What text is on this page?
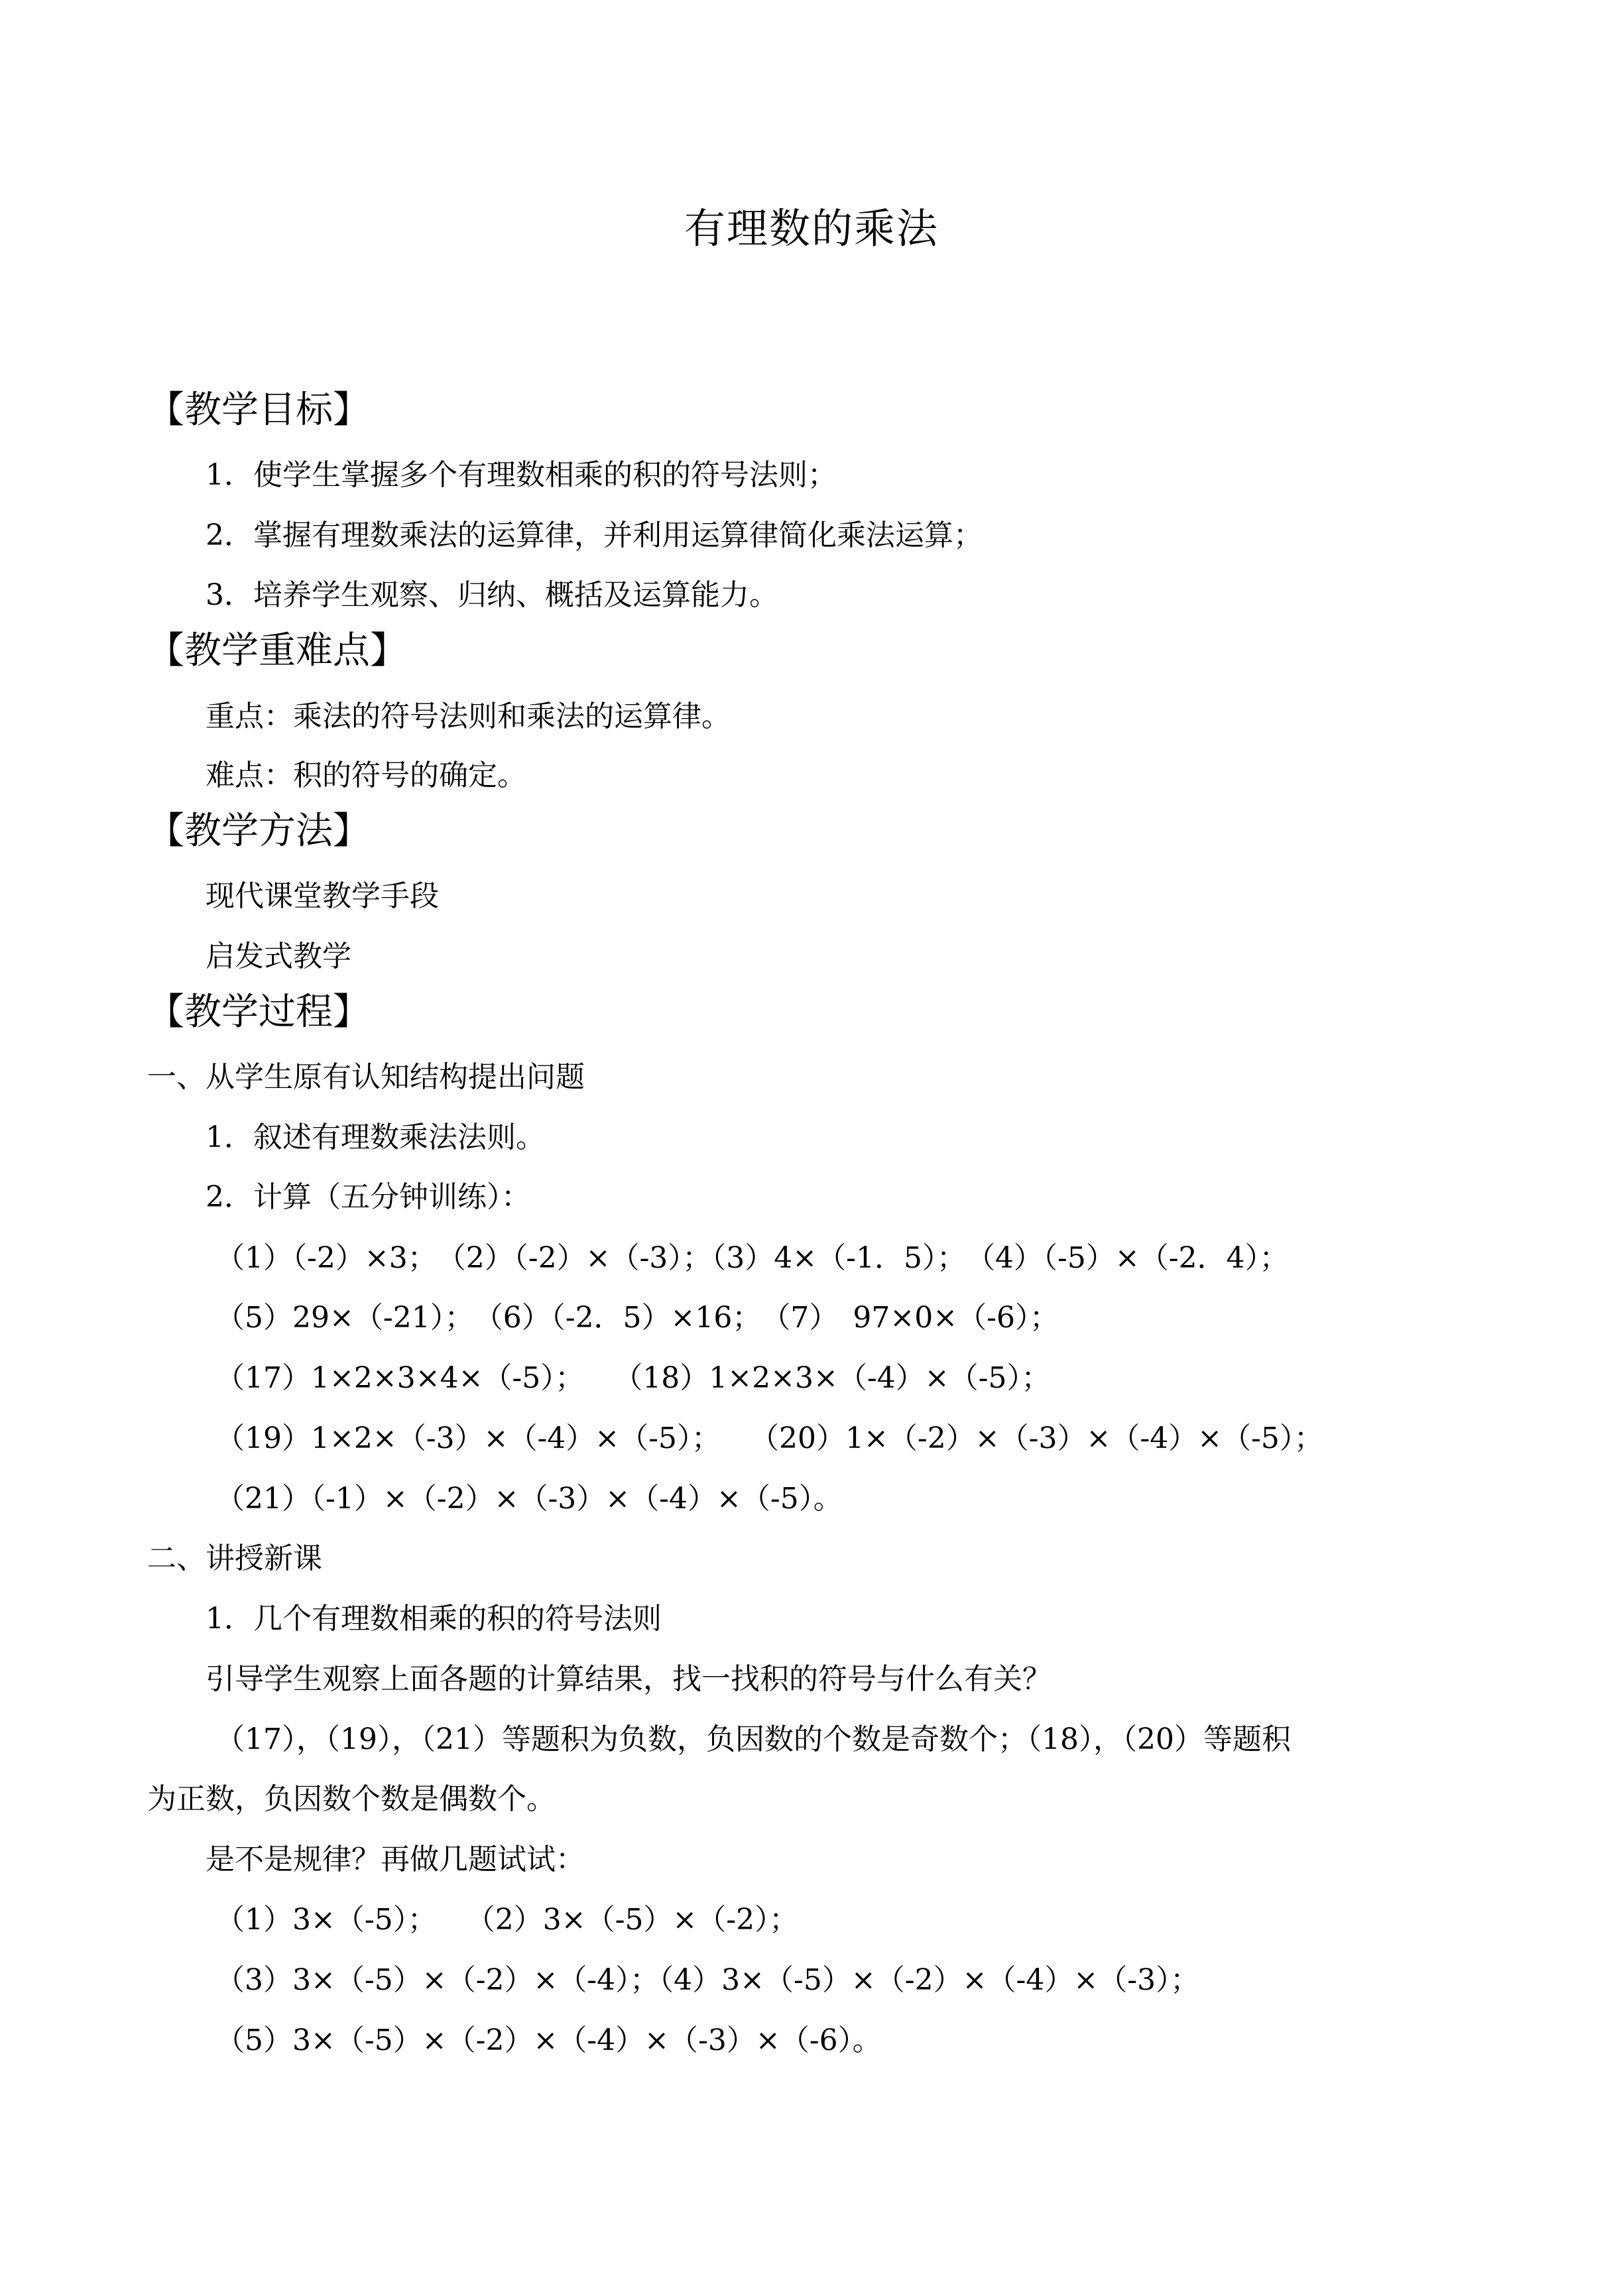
有理数的乘法
【教学目标】
1．使学生掌握多个有理数相乘的积的符号法则；
2．掌握有理数乘法的运算律，并利用运算律简化乘法运算；
3．培养学生观察、归纳、概括及运算能力。
【教学重难点】
重点：乘法的符号法则和乘法的运算律。
难点：积的符号的确定。
【教学方法】
现代课堂教学手段
启发式教学
【教学过程】
一、从学生原有认知结构提出问题
1．叙述有理数乘法法则。
2．计算（五分钟训练）：
（1）（-2）×3；　（2）（-2）×（-3）；（3）4×（-1．5）；　（4）（-5）×（-2．4）；
（5）29×（-21）；　（6）（-2．5）×16；　（7）　97×0×（-6）；
（17）1×2×3×4×（-5）；　　（18）1×2×3×（-4）×（-5）；
（19）1×2×（-3）×（-4）×（-5）；　　（20）1×（-2）×（-3）×（-4）×（-5）；
（21）（-1）×（-2）×（-3）×（-4）×（-5）。
二、讲授新课
1．几个有理数相乘的积的符号法则
引导学生观察上面各题的计算结果，找一找积的符号与什么有关？
（17），（19），（21）等题积为负数，负因数的个数是奇数个；（18），（20）等题积
为正数，负因数个数是偶数个。
是不是规律？再做几题试试：
（1）3×（-5）；　　（2）3×（-5）×（-2）；
（3）3×（-5）×（-2）×（-4）；（4）3×（-5）×（-2）×（-4）×（-3）；
（5）3×（-5）×（-2）×（-4）×（-3）×（-6）。
